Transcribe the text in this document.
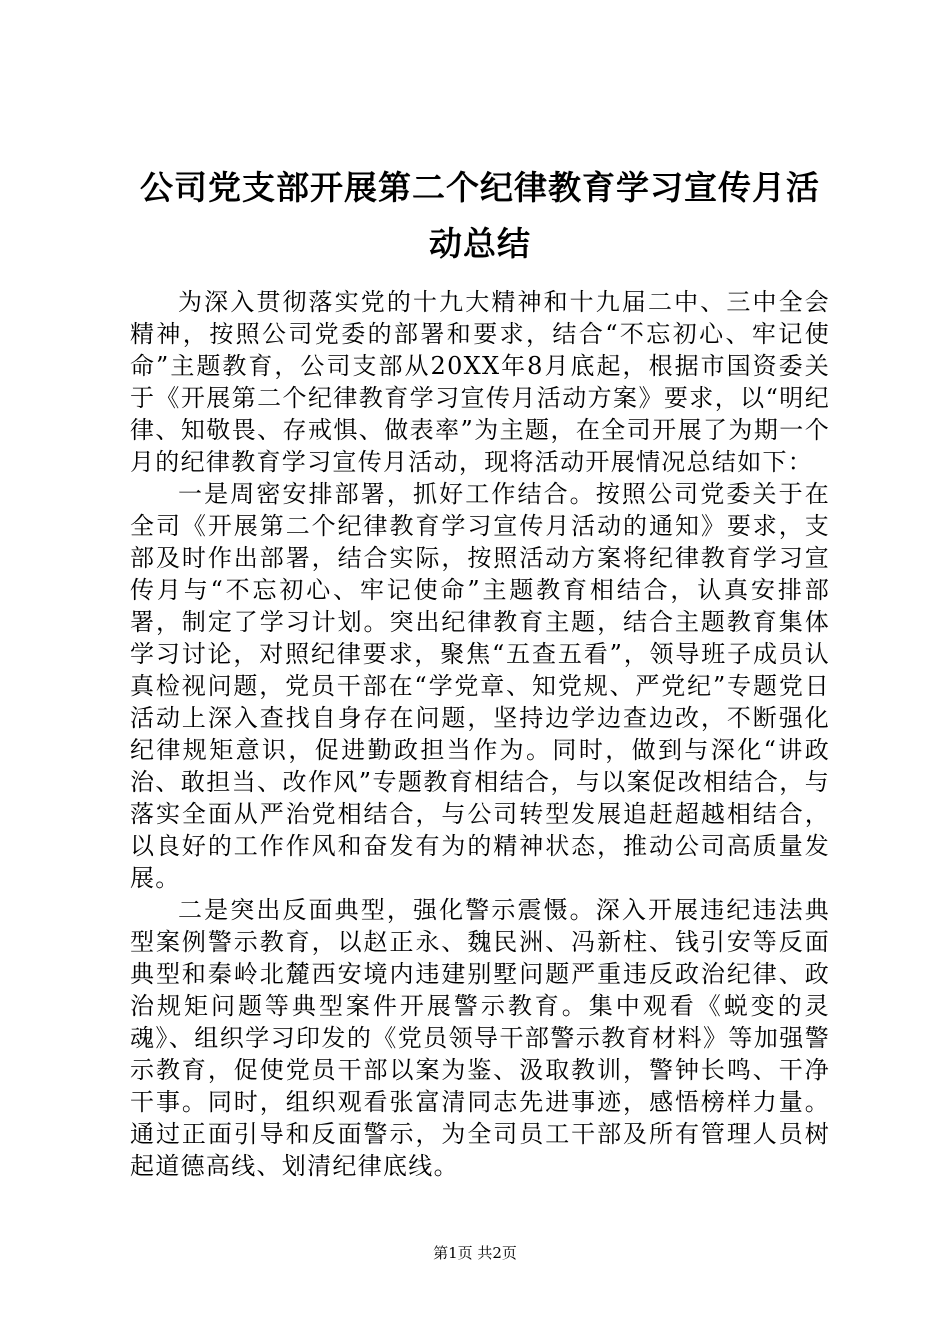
公司党支部开展第二个纪律教育学习宣传月活
动总结

为深入贯彻落实党的十九大精神和十九届二中、三中全会精神，按照公司党委的部署和要求，结合“不忘初心、牢记使命”主题教育，公司支部从20XX年8月底起，根据市国资委关于《开展第二个纪律教育学习宣传月活动方案》要求，以“明纪律、知敬畏、存戒惧、做表率”为主题，在全司开展了为期一个月的纪律教育学习宣传月活动，现将活动开展情况总结如下：

一是周密安排部署，抓好工作结合。按照公司党委关于在全司《开展第二个纪律教育学习宣传月活动的通知》要求，支部及时作出部署，结合实际，按照活动方案将纪律教育学习宣传月与“不忘初心、牢记使命”主题教育相结合，认真安排部署，制定了学习计划。突出纪律教育主题，结合主题教育集体学习讨论，对照纪律要求，聚焦“五查五看”，领导班子成员认真检视问题，党员干部在“学党章、知党规、严党纪”专题党日活动上深入查找自身存在问题，坚持边学边查边改，不断强化纪律规矩意识，促进勤政担当作为。同时，做到与深化“讲政治、敢担当、改作风”专题教育相结合，与以案促改相结合，与落实全面从严治党相结合，与公司转型发展追赶超越相结合，以良好的工作作风和奋发有为的精神状态，推动公司高质量发展。

二是突出反面典型，强化警示震慑。深入开展违纪违法典型案例警示教育，以赵正永、魏民洲、冯新柱、钱引安等反面典型和秦岭北麓西安境内违建别墅问题严重违反政治纪律、政治规矩问题等典型案件开展警示教育。集中观看《蜕变的灵魂》、组织学习印发的《党员领导干部警示教育材料》等加强警示教育，促使党员干部以案为鉴、汲取教训，警钟长鸣、干净干事。同时，组织观看张富清同志先进事迹，感悟榜样力量。通过正面引导和反面警示，为全司员工干部及所有管理人员树起道德高线、划清纪律底线。

第1页 共2页
